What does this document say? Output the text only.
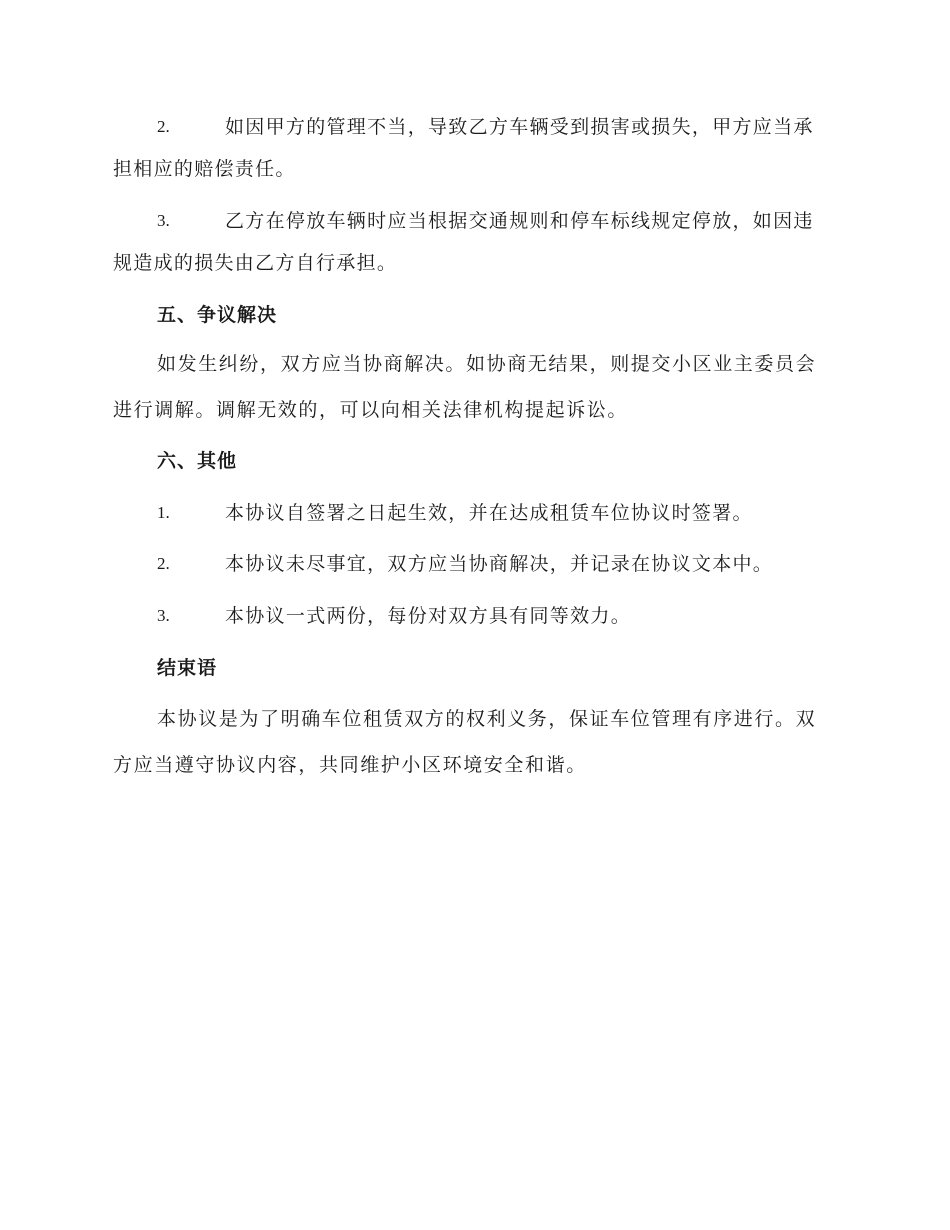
2.	如因甲方的管理不当，导致乙方车辆受到损害或损失，甲方应当承担相应的赔偿责任。
3.	乙方在停放车辆时应当根据交通规则和停车标线规定停放，如因违规造成的损失由乙方自行承担。
五、争议解决
如发生纠纷，双方应当协商解决。如协商无结果，则提交小区业主委员会进行调解。调解无效的，可以向相关法律机构提起诉讼。
六、其他
1.	本协议自签署之日起生效，并在达成租赁车位协议时签署。
2.	本协议未尽事宜，双方应当协商解决，并记录在协议文本中。
3.	本协议一式两份，每份对双方具有同等效力。
结束语
本协议是为了明确车位租赁双方的权利义务，保证车位管理有序进行。双方应当遵守协议内容，共同维护小区环境安全和谐。
